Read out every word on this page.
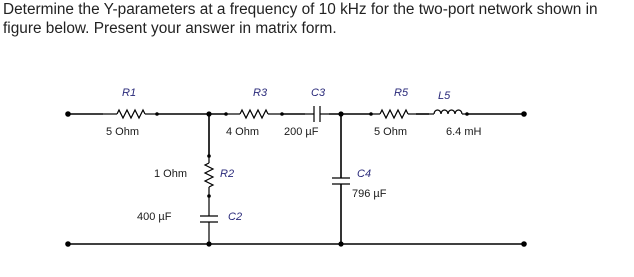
Determine the Y-parameters at a frequency of 10 kHz for the two-port network shown in
figure below. Present your answer in matrix form.
R1
5 Ohm
R3
4 Ohm
C3
200 µF
R5
5 Ohm
L5
6.4 mH
R2
1 Ohm
C2
400 µF
C4
796 µF
